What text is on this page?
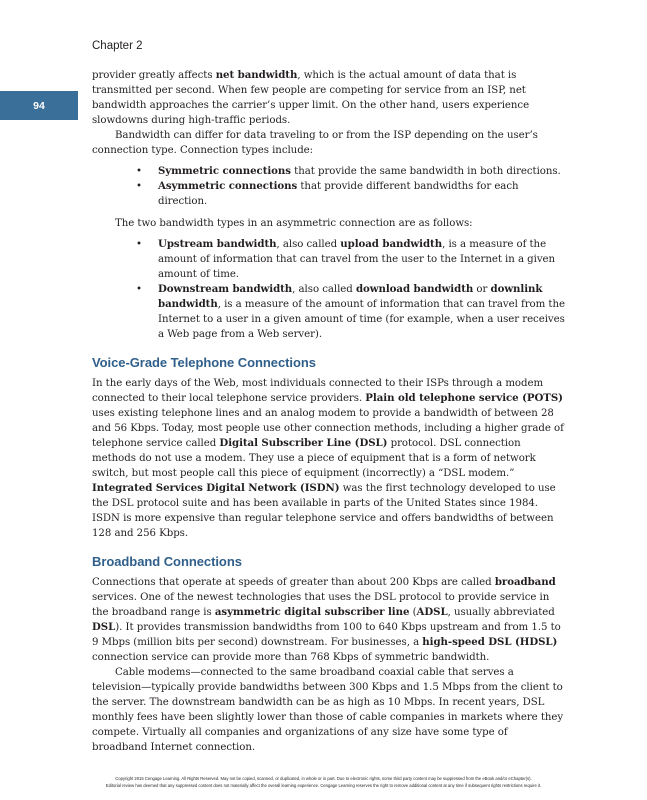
Chapter 2
94

provider greatly affects net bandwidth, which is the actual amount of data that is transmitted per second. When few people are competing for service from an ISP, net bandwidth approaches the carrier’s upper limit. On the other hand, users experience slowdowns during high-traffic periods.

Bandwidth can differ for data traveling to or from the ISP depending on the user’s connection type. Connection types include:

• Symmetric connections that provide the same bandwidth in both directions.
• Asymmetric connections that provide different bandwidths for each direction.

The two bandwidth types in an asymmetric connection are as follows:

• Upstream bandwidth, also called upload bandwidth, is a measure of the amount of information that can travel from the user to the Internet in a given amount of time.
• Downstream bandwidth, also called download bandwidth or downlink bandwidth, is a measure of the amount of information that can travel from the Internet to a user in a given amount of time (for example, when a user receives a Web page from a Web server).
Voice-Grade Telephone Connections

In the early days of the Web, most individuals connected to their ISPs through a modem connected to their local telephone service providers. Plain old telephone service (POTS) uses existing telephone lines and an analog modem to provide a bandwidth of between 28 and 56 Kbps. Today, most people use other connection methods, including a higher grade of telephone service called Digital Subscriber Line (DSL) protocol. DSL connection methods do not use a modem. They use a piece of equipment that is a form of network switch, but most people call this piece of equipment (incorrectly) a “DSL modem.” Integrated Services Digital Network (ISDN) was the first technology developed to use the DSL protocol suite and has been available in parts of the United States since 1984. ISDN is more expensive than regular telephone service and offers bandwidths of between 128 and 256 Kbps.

Broadband Connections

Connections that operate at speeds of greater than about 200 Kbps are called broadband services. One of the newest technologies that uses the DSL protocol to provide service in the broadband range is asymmetric digital subscriber line (ADSL, usually abbreviated DSL). It provides transmission bandwidths from 100 to 640 Kbps upstream and from 1.5 to 9 Mbps (million bits per second) downstream. For businesses, a high-speed DSL (HDSL) connection service can provide more than 768 Kbps of symmetric bandwidth.

Cable modems—connected to the same broadband coaxial cable that serves a television—typically provide bandwidths between 300 Kbps and 1.5 Mbps from the client to the server. The downstream bandwidth can be as high as 10 Mbps. In recent years, DSL monthly fees have been slightly lower than those of cable companies in markets where they compete. Virtually all companies and organizations of any size have some type of broadband Internet connection.

Copyright 2015 Cengage Learning. All Rights Reserved. May not be copied, scanned, or duplicated, in whole or in part. Due to electronic rights, some third party content may be suppressed from the eBook and/or eChapter(s).
Editorial review has deemed that any suppressed content does not materially affect the overall learning experience. Cengage Learning reserves the right to remove additional content at any time if subsequent rights restrictions require it.
